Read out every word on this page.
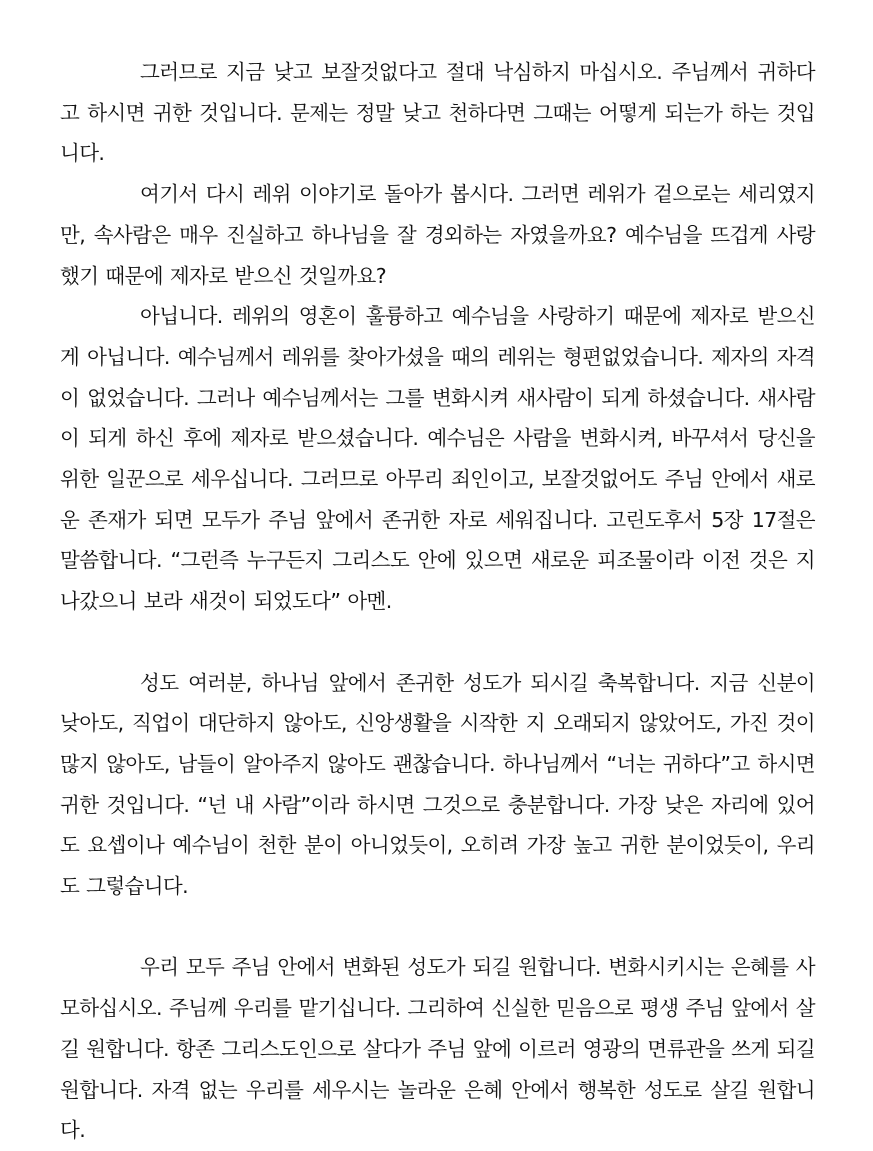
그러므로 지금 낮고 보잘것없다고 절대 낙심하지 마십시오. 주님께서 귀하다고 하시면 귀한 것입니다. 문제는 정말 낮고 천하다면 그때는 어떻게 되는가 하는 것입니다.

여기서 다시 레위 이야기로 돌아가 봅시다. 그러면 레위가 겉으로는 세리였지만, 속사람은 매우 진실하고 하나님을 잘 경외하는 자였을까요? 예수님을 뜨겁게 사랑했기 때문에 제자로 받으신 것일까요?

아닙니다. 레위의 영혼이 훌륭하고 예수님을 사랑하기 때문에 제자로 받으신 게 아닙니다. 예수님께서 레위를 찾아가셨을 때의 레위는 형편없었습니다. 제자의 자격이 없었습니다. 그러나 예수님께서는 그를 변화시켜 새사람이 되게 하셨습니다. 새사람이 되게 하신 후에 제자로 받으셨습니다. 예수님은 사람을 변화시켜, 바꾸셔서 당신을 위한 일꾼으로 세우십니다. 그러므로 아무리 죄인이고, 보잘것없어도 주님 안에서 새로운 존재가 되면 모두가 주님 앞에서 존귀한 자로 세워집니다. 고린도후서 5장 17절은 말씀합니다. “그런즉 누구든지 그리스도 안에 있으면 새로운 피조물이라 이전 것은 지나갔으니 보라 새것이 되었도다” 아멘.

성도 여러분, 하나님 앞에서 존귀한 성도가 되시길 축복합니다. 지금 신분이 낮아도, 직업이 대단하지 않아도, 신앙생활을 시작한 지 오래되지 않았어도, 가진 것이 많지 않아도, 남들이 알아주지 않아도 괜찮습니다. 하나님께서 “너는 귀하다”고 하시면 귀한 것입니다. “넌 내 사람”이라 하시면 그것으로 충분합니다. 가장 낮은 자리에 있어도 요셉이나 예수님이 천한 분이 아니었듯이, 오히려 가장 높고 귀한 분이었듯이, 우리도 그렇습니다.

우리 모두 주님 안에서 변화된 성도가 되길 원합니다. 변화시키시는 은혜를 사모하십시오. 주님께 우리를 맡기십니다. 그리하여 신실한 믿음으로 평생 주님 앞에서 살길 원합니다. 항존 그리스도인으로 살다가 주님 앞에 이르러 영광의 면류관을 쓰게 되길 원합니다. 자격 없는 우리를 세우시는 놀라운 은혜 안에서 행복한 성도로 살길 원합니다.
